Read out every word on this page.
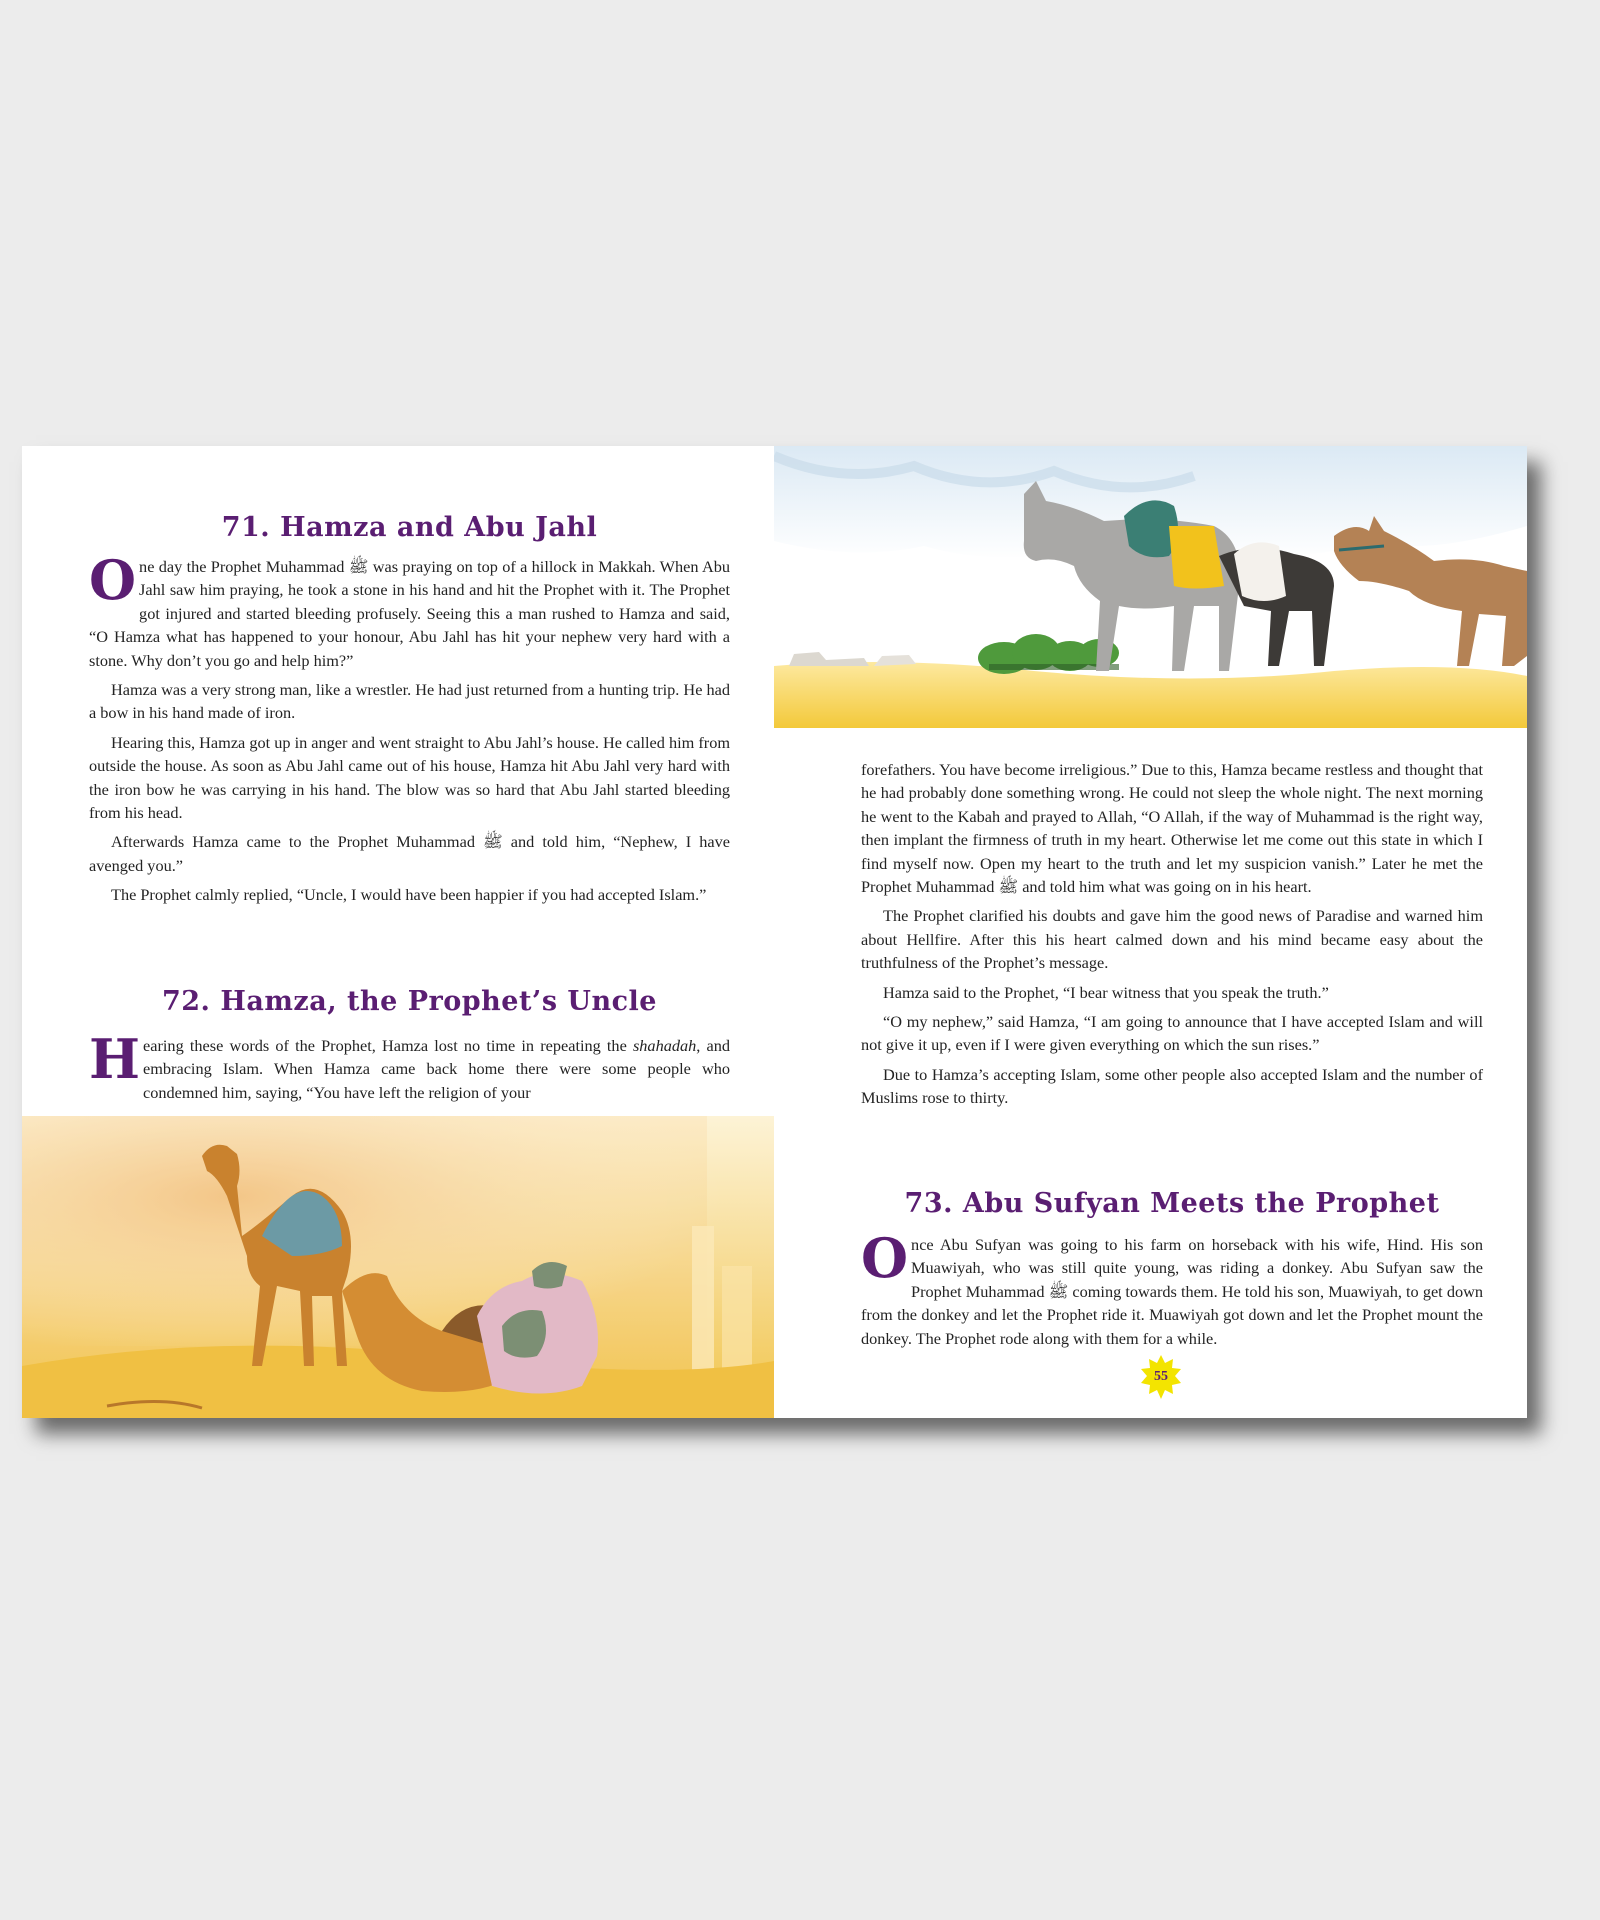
71. Hamza and Abu Jahl

One day the Prophet Muhammad ﷺ was praying on top of a hillock in Makkah. When Abu Jahl saw him praying, he took a stone in his hand and hit the Prophet with it. The Prophet got injured and started bleeding profusely. Seeing this a man rushed to Hamza and said, “O Hamza what has happened to your honour, Abu Jahl has hit your nephew very hard with a stone. Why don’t you go and help him?”

Hamza was a very strong man, like a wrestler. He had just returned from a hunting trip. He had a bow in his hand made of iron.

Hearing this, Hamza got up in anger and went straight to Abu Jahl’s house. He called him from outside the house. As soon as Abu Jahl came out of his house, Hamza hit Abu Jahl very hard with the iron bow he was carrying in his hand. The blow was so hard that Abu Jahl started bleeding from his head.

Afterwards Hamza came to the Prophet Muhammad ﷺ and told him, “Nephew, I have avenged you.”

The Prophet calmly replied, “Uncle, I would have been happier if you had accepted Islam.”

72. Hamza, the Prophet’s Uncle

Hearing these words of the Prophet, Hamza lost no time in repeating the shahadah, and embracing Islam. When Hamza came back home there were some people who condemned him, saying, “You have left the religion of your

forefathers. You have become irreligious.” Due to this, Hamza became restless and thought that he had probably done something wrong. He could not sleep the whole night. The next morning he went to the Kabah and prayed to Allah, “O Allah, if the way of Muhammad is the right way, then implant the firmness of truth in my heart. Otherwise let me come out this state in which I find myself now. Open my heart to the truth and let my suspicion vanish.” Later he met the Prophet Muhammad ﷺ and told him what was going on in his heart.

The Prophet clarified his doubts and gave him the good news of Paradise and warned him about Hellfire. After this his heart calmed down and his mind became easy about the truthfulness of the Prophet’s message.

Hamza said to the Prophet, “I bear witness that you speak the truth.”

“O my nephew,” said Hamza, “I am going to announce that I have accepted Islam and will not give it up, even if I were given everything on which the sun rises.”

Due to Hamza’s accepting Islam, some other people also accepted Islam and the number of Muslims rose to thirty.

73. Abu Sufyan Meets the Prophet

Once Abu Sufyan was going to his farm on horseback with his wife, Hind. His son Muawiyah, who was still quite young, was riding a donkey. Abu Sufyan saw the Prophet Muhammad ﷺ coming towards them. He told his son, Muawiyah, to get down from the donkey and let the Prophet ride it. Muawiyah got down and let the Prophet mount the donkey. The Prophet rode along with them for a while.

55
